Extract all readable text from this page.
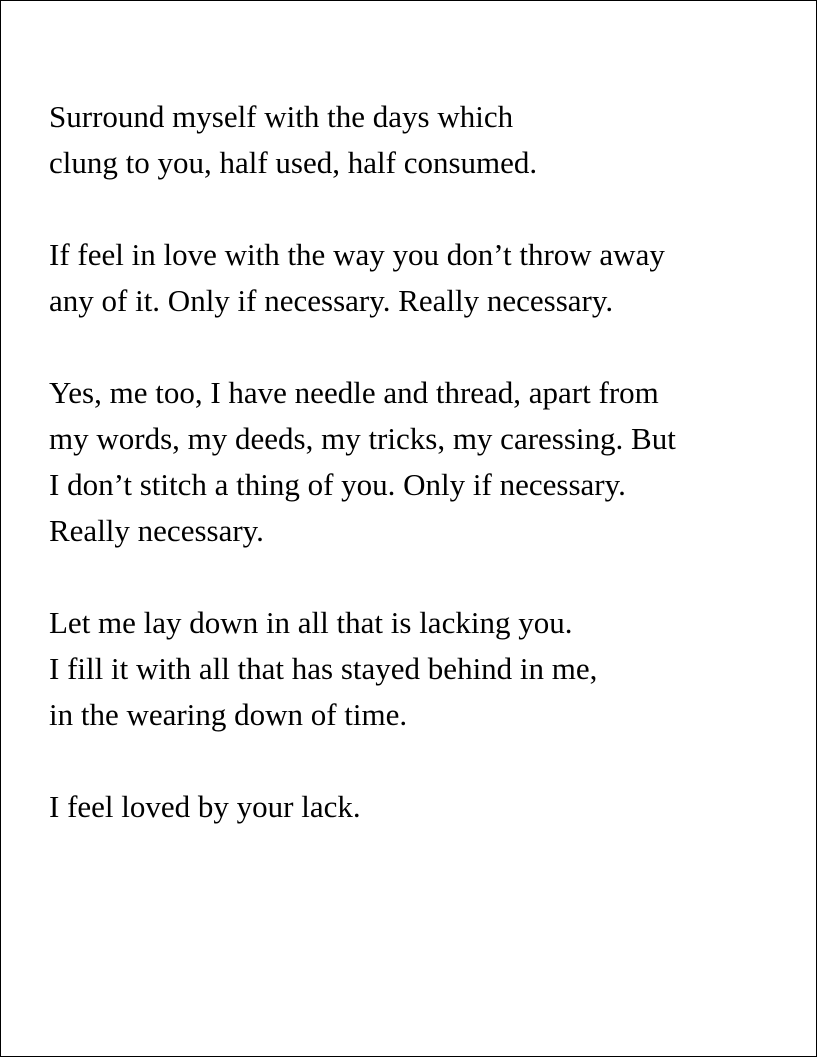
Surround myself with the days which
clung to you, half used, half consumed.
If feel in love with the way you don’t throw away
any of it. Only if necessary. Really necessary.
Yes, me too, I have needle and thread, apart from
my words, my deeds, my tricks, my caressing. But
I don’t stitch a thing of you. Only if necessary.
Really necessary.
Let me lay down in all that is lacking you.
I fill it with all that has stayed behind in me,
in the wearing down of time.
I feel loved by your lack.
